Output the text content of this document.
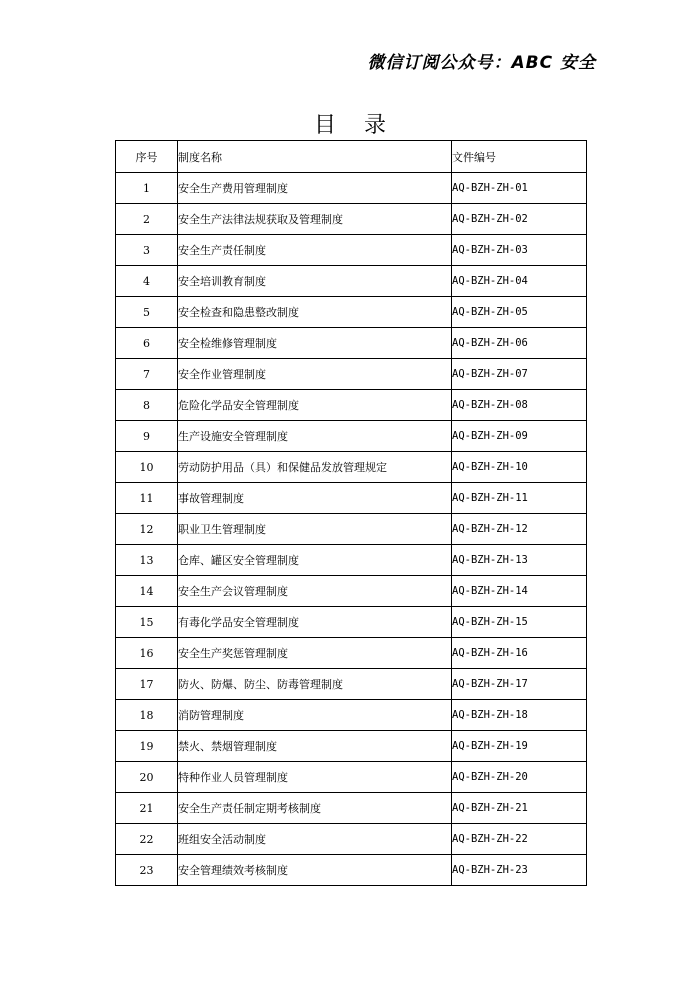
微信订阅公众号：ABC 安全
目录
序号	制度名称	文件编号
1	安全生产费用管理制度	AQ-BZH-ZH-01
2	安全生产法律法规获取及管理制度	AQ-BZH-ZH-02
3	安全生产责任制度	AQ-BZH-ZH-03
4	安全培训教育制度	AQ-BZH-ZH-04
5	安全检查和隐患整改制度	AQ-BZH-ZH-05
6	安全检维修管理制度	AQ-BZH-ZH-06
7	安全作业管理制度	AQ-BZH-ZH-07
8	危险化学品安全管理制度	AQ-BZH-ZH-08
9	生产设施安全管理制度	AQ-BZH-ZH-09
10	劳动防护用品（具）和保健品发放管理规定	AQ-BZH-ZH-10
11	事故管理制度	AQ-BZH-ZH-11
12	职业卫生管理制度	AQ-BZH-ZH-12
13	仓库、罐区安全管理制度	AQ-BZH-ZH-13
14	安全生产会议管理制度	AQ-BZH-ZH-14
15	有毒化学品安全管理制度	AQ-BZH-ZH-15
16	安全生产奖惩管理制度	AQ-BZH-ZH-16
17	防火、防爆、防尘、防毒管理制度	AQ-BZH-ZH-17
18	消防管理制度	AQ-BZH-ZH-18
19	禁火、禁烟管理制度	AQ-BZH-ZH-19
20	特种作业人员管理制度	AQ-BZH-ZH-20
21	安全生产责任制定期考核制度	AQ-BZH-ZH-21
22	班组安全活动制度	AQ-BZH-ZH-22
23	安全管理绩效考核制度	AQ-BZH-ZH-23
